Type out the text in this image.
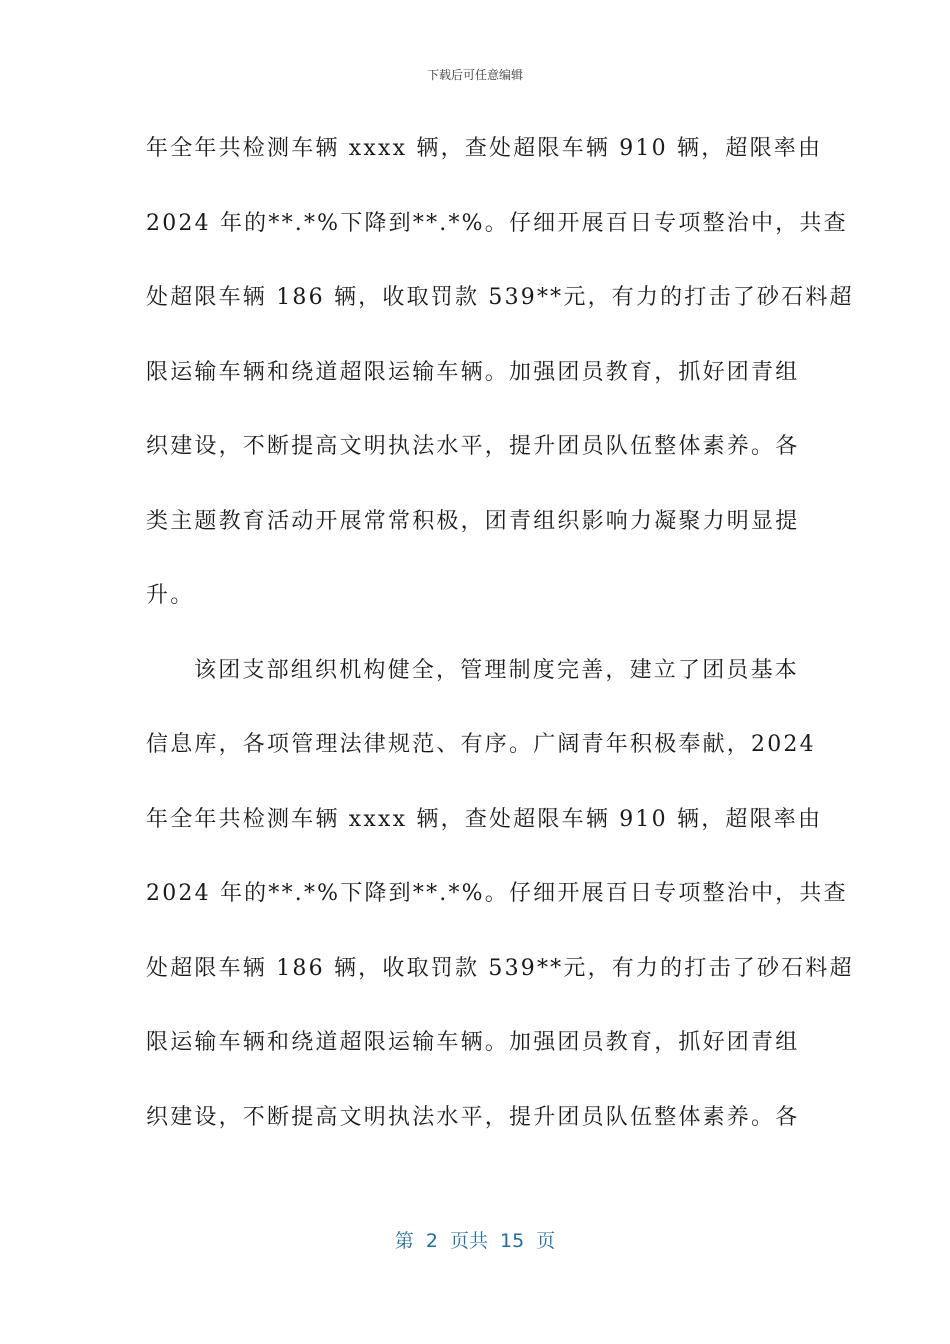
下载后可任意编辑
年全年共检测车辆 xxxx 辆，查处超限车辆 910 辆，超限率由
2024 年的**.*%下降到**.*%。仔细开展百日专项整治中，共查
处超限车辆 186 辆，收取罚款 539**元，有力的打击了砂石料超
限运输车辆和绕道超限运输车辆。加强团员教育，抓好团青组
织建设，不断提高文明执法水平，提升团员队伍整体素养。各
类主题教育活动开展常常积极，团青组织影响力凝聚力明显提
升。
该团支部组织机构健全，管理制度完善，建立了团员基本
信息库，各项管理法律规范、有序。广阔青年积极奉献，2024
年全年共检测车辆 xxxx 辆，查处超限车辆 910 辆，超限率由
2024 年的**.*%下降到**.*%。仔细开展百日专项整治中，共查
处超限车辆 186 辆，收取罚款 539**元，有力的打击了砂石料超
限运输车辆和绕道超限运输车辆。加强团员教育，抓好团青组
织建设，不断提高文明执法水平，提升团员队伍整体素养。各
第 2 页共 15 页
